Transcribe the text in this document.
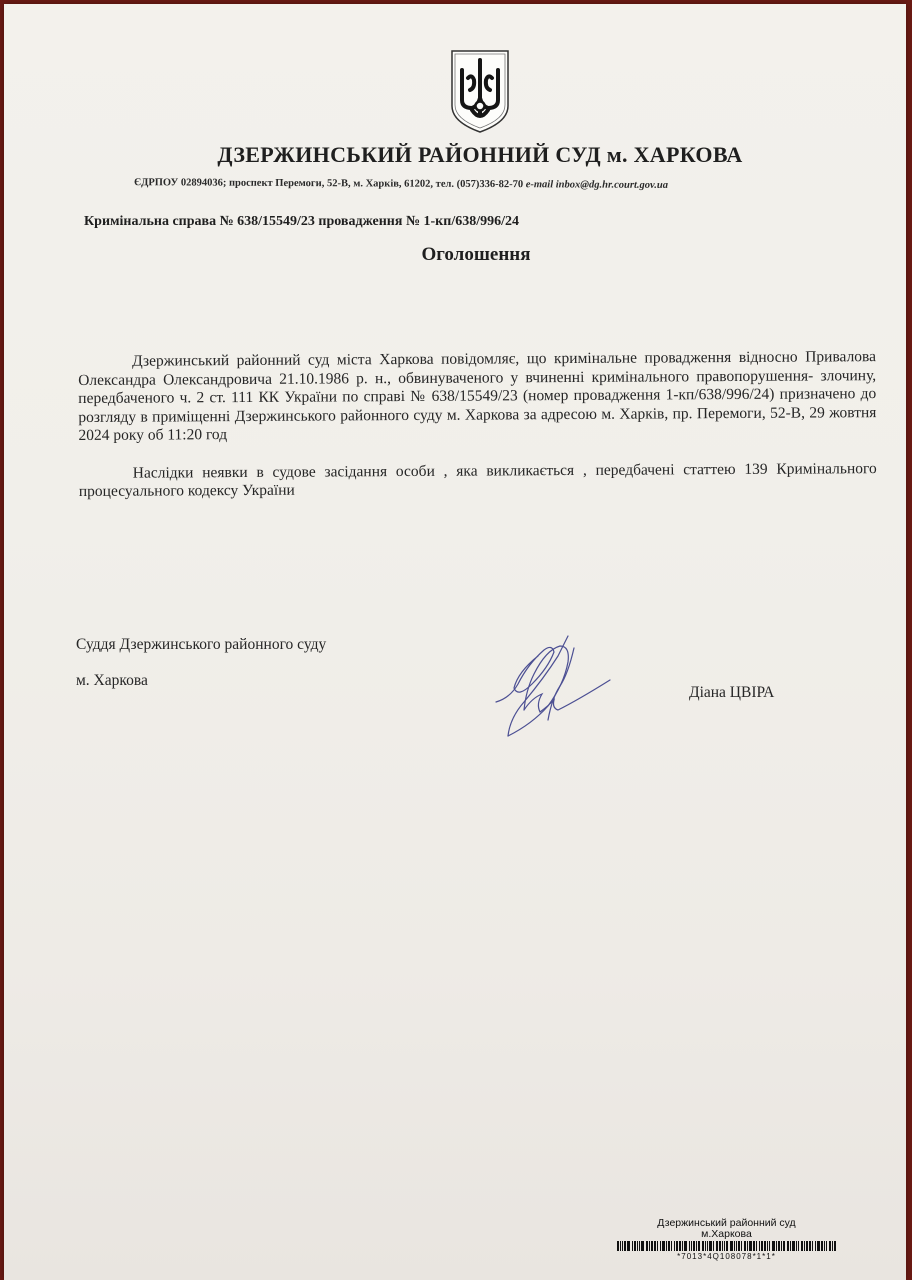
ДЗЕРЖИНСЬКИЙ РАЙОННИЙ СУД м. ХАРКОВА
ЄДРПОУ 02894036; проспект Перемоги, 52-В, м. Харків, 61202, тел. (057)336-82-70 e-mail inbox@dg.hr.court.gov.ua
Кримінальна справа № 638/15549/23 провадження № 1-кп/638/996/24
Оголошення

Дзержинський районний суд міста Харкова повідомляє, що кримінальне провадження відносно Привалова Олександра Олександровича 21.10.1986 р. н., обвинуваченого у вчиненні кримінального правопорушення- злочину, передбаченого ч. 2 ст. 111 КК України по справі № 638/15549/23 (номер провадження 1-кп/638/996/24) призначено до розгляду в приміщенні Дзержинського районного суду м. Харкова за адресою м. Харків, пр. Перемоги, 52-В, 29 жовтня 2024 року об 11:20 год

Наслідки неявки в судове засідання особи , яка викликається , передбачені статтею 139 Кримінального процесуального кодексу України

Суддя Дзержинського районного суду
м. Харкова
Діана ЦВІРА
Дзержинський районний суд
м.Харкова
*7013*4Q108078*1*1*
